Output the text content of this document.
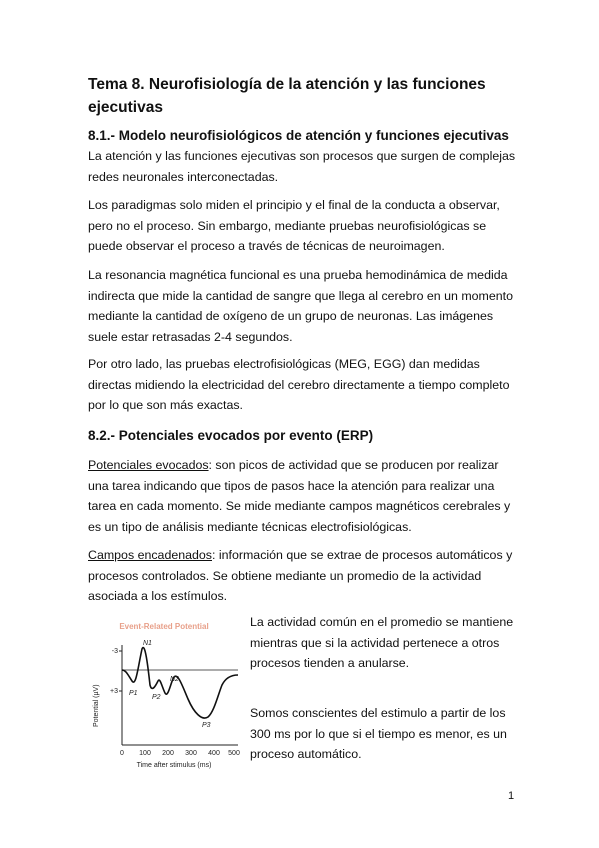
Tema 8. Neurofisiología de la atención y las funciones ejecutivas
8.1.- Modelo neurofisiológicos de atención y funciones ejecutivas
La atención y las funciones ejecutivas son procesos que surgen de complejas redes neuronales interconectadas.
Los paradigmas solo miden el principio y el final de la conducta a observar, pero no el proceso. Sin embargo, mediante pruebas neurofisiológicas se puede observar el proceso a través de técnicas de neuroimagen.
La resonancia magnética funcional es una prueba hemodinámica de medida indirecta que mide la cantidad de sangre que llega al cerebro en un momento mediante la cantidad de oxígeno de un grupo de neuronas. Las imágenes suele estar retrasadas 2-4 segundos.
Por otro lado, las pruebas electrofisiológicas (MEG, EGG) dan medidas directas midiendo la electricidad del cerebro directamente a tiempo completo por lo que son más exactas.
8.2.- Potenciales evocados por evento (ERP)
Potenciales evocados: son picos de actividad que se producen por realizar una tarea indicando que tipos de pasos hace la atención para realizar una tarea en cada momento. Se mide mediante campos magnéticos cerebrales y es un tipo de análisis mediante técnicas electrofisiológicas.
Campos encadenados: información que se extrae de procesos automáticos y procesos controlados. Se obtiene mediante un promedio de la actividad asociada a los estímulos.
Event-Related Potential
Potential (µV)
-3
+3
N1
P1
N2
P2
P3
0 100 200 300 400 500
Time after stimulus (ms)
La actividad común en el promedio se mantiene mientras que si la actividad pertenece a otros procesos tienden a anularse.
Somos conscientes del estimulo a partir de los 300 ms por lo que si el tiempo es menor, es un proceso automático.
1
